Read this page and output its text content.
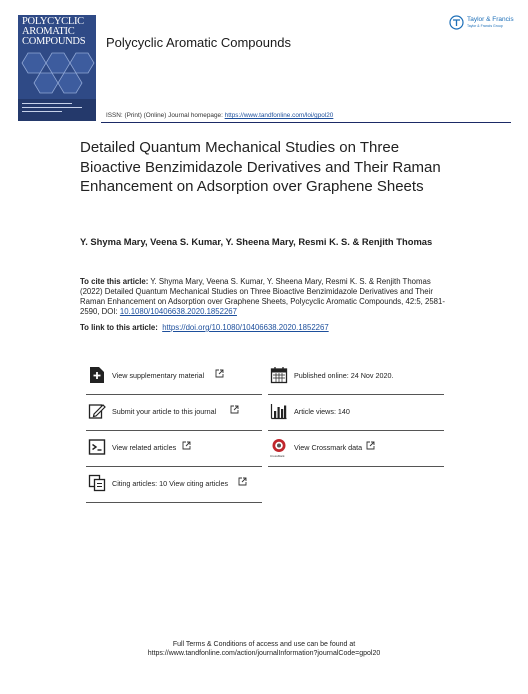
POLYCYCLIC
AROMATIC
COMPOUNDS	Polycyclic Aromatic Compounds
Taylor & Francis
Taylor & Francis Group
ISSN: (Print) (Online) Journal homepage: https://www.tandfonline.com/loi/gpol20
Detailed Quantum Mechanical Studies on Three Bioactive Benzimidazole Derivatives and Their Raman Enhancement on Adsorption over Graphene Sheets
Y. Shyma Mary, Veena S. Kumar, Y. Sheena Mary, Resmi K. S. & Renjith Thomas
To cite this article: Y. Shyma Mary, Veena S. Kumar, Y. Sheena Mary, Resmi K. S. & Renjith Thomas (2022) Detailed Quantum Mechanical Studies on Three Bioactive Benzimidazole Derivatives and Their Raman Enhancement on Adsorption over Graphene Sheets, Polycyclic Aromatic Compounds, 42:5, 2581-2590, DOI: 10.1080/10406638.2020.1852267
To link to this article: https://doi.org/10.1080/10406638.2020.1852267
View supplementary material
Submit your article to this journal
View related articles
Citing articles: 10 View citing articles
Published online: 24 Nov 2020.
Article views: 140
CrossMark
View Crossmark data
Full Terms & Conditions of access and use can be found at
https://www.tandfonline.com/action/journalInformation?journalCode=gpol20
